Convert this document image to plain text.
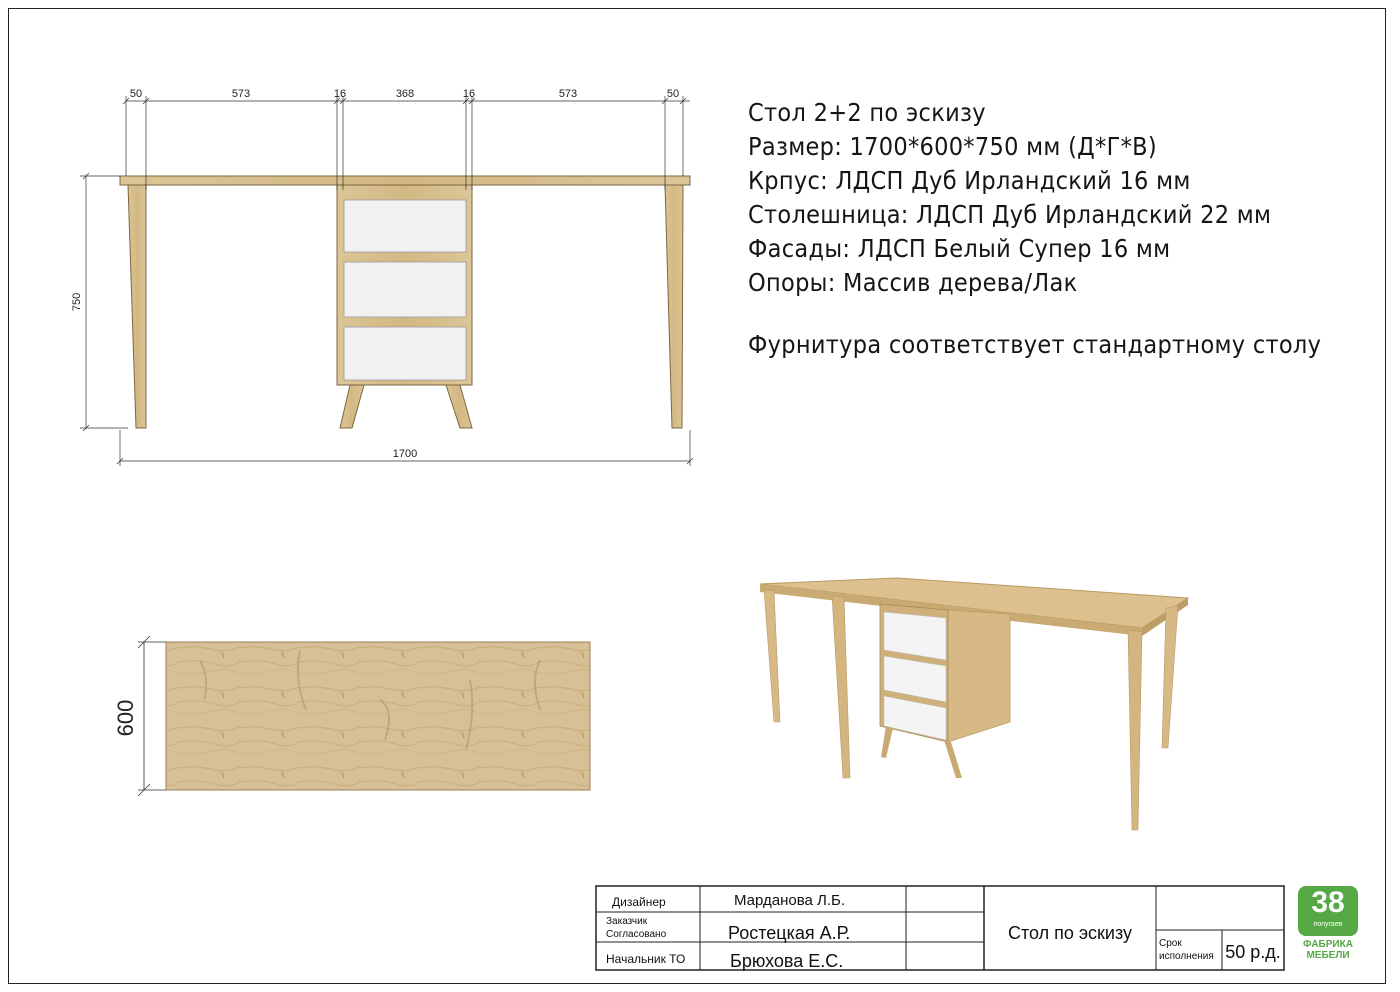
50	573	16	368	16	573	50
750
1700
600
Дизайнер	Марданова Л.Б.
Заказчик
Согласовано	Ростецкая А.Р.
Начальник ТО Брюхова Е.С.
Стол по эскизу
Срок
исполнения 50 р.д.
Стол 2+2 по эскизу
Размер: 1700*600*750 мм (Д*Г*В)
Крпус: ЛДСП Дуб Ирландский 16 мм
Столешница: ЛДСП Дуб Ирландский 22 мм
Фасады: ЛДСП Белый Супер 16 мм
Опоры: Массив дерева/Лак
Фурнитура соответствует стандартному столу
38
попугаев
ФАБРИКА
МЕБЕЛИ
